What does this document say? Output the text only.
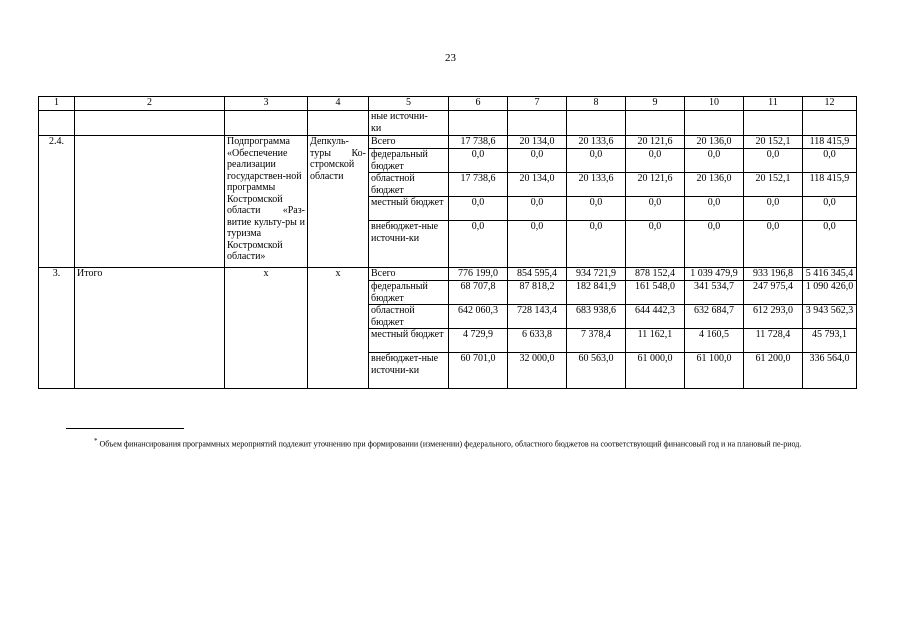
23
1	2	3	4	5	6	7	8	9	10	11	12
				ные источни-
ки							
2.4.		Подпрограмма «Обеспечение реализации государствен-ной программы Костромской области «Раз-витие культу-ры и туризма Костромской области»	Депкуль-туры Ко-стромской области	Всего	17 738,6	20 134,0	20 133,6	20 121,6	20 136,0	20 152,1	118 415,9
				федеральный бюджет	0,0	0,0	0,0	0,0	0,0	0,0	0,0
				областной бюджет	17 738,6	20 134,0	20 133,6	20 121,6	20 136,0	20 152,1	118 415,9
				местный бюджет	0,0	0,0	0,0	0,0	0,0	0,0	0,0
				внебюджет-ные источни-ки	0,0	0,0	0,0	0,0	0,0	0,0	0,0
3.	Итого	х	х	Всего	776 199,0	854 595,4	934 721,9	878 152,4	1 039 479,9	933 196,8	5 416 345,4
				федеральный бюджет	68 707,8	87 818,2	182 841,9	161 548,0	341 534,7	247 975,4	1 090 426,0
				областной бюджет	642 060,3	728 143,4	683 938,6	644 442,3	632 684,7	612 293,0	3 943 562,3
				местный бюджет	4 729,9	6 633,8	7 378,4	11 162,1	4 160,5	11 728,4	45 793,1
				внебюджет-ные источни-ки	60 701,0	32 000,0	60 563,0	61 000,0	61 100,0	61 200,0	336 564,0
* Объем финансирования программных мероприятий подлежит уточнению при формировании (изменении) федерального, областного бюджетов на соответствующий финансовый год и на плановый пе-риод.
